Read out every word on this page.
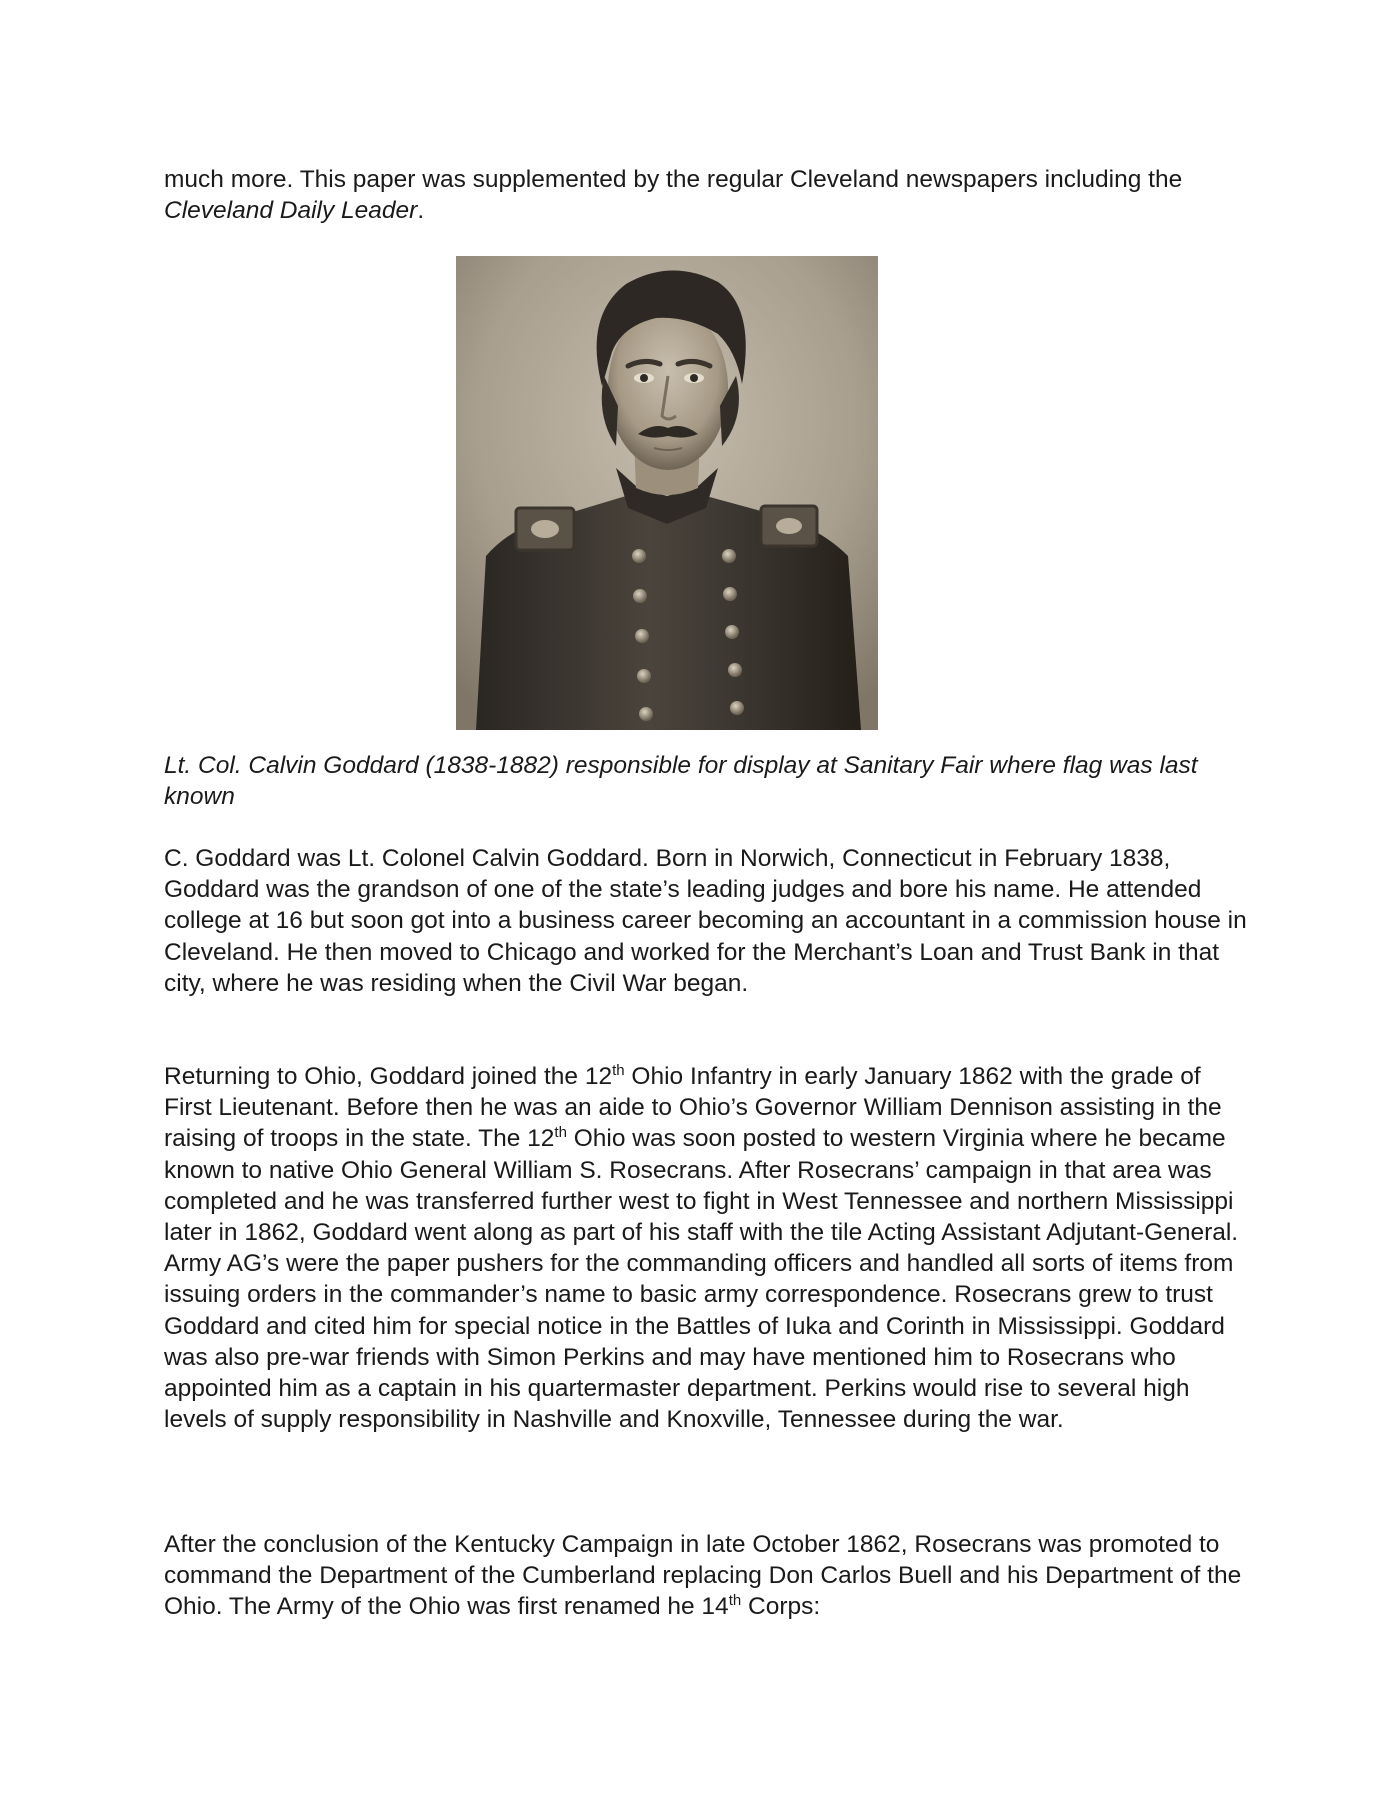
much more. This paper was supplemented by the regular Cleveland newspapers including the Cleveland Daily Leader.

Lt. Col. Calvin Goddard (1838-1882) responsible for display at Sanitary Fair where flag was last known

C. Goddard was Lt. Colonel Calvin Goddard. Born in Norwich, Connecticut in February 1838, Goddard was the grandson of one of the state’s leading judges and bore his name. He attended college at 16 but soon got into a business career becoming an accountant in a commission house in Cleveland. He then moved to Chicago and worked for the Merchant’s Loan and Trust Bank in that city, where he was residing when the Civil War began.

Returning to Ohio, Goddard joined the 12th Ohio Infantry in early January 1862 with the grade of First Lieutenant. Before then he was an aide to Ohio’s Governor William Dennison assisting in the raising of troops in the state. The 12th Ohio was soon posted to western Virginia where he became known to native Ohio General William S. Rosecrans. After Rosecrans’ campaign in that area was completed and he was transferred further west to fight in West Tennessee and northern Mississippi later in 1862, Goddard went along as part of his staff with the tile Acting Assistant Adjutant-General. Army AG’s were the paper pushers for the commanding officers and handled all sorts of items from issuing orders in the commander’s name to basic army correspondence. Rosecrans grew to trust Goddard and cited him for special notice in the Battles of Iuka and Corinth in Mississippi. Goddard was also pre-war friends with Simon Perkins and may have mentioned him to Rosecrans who appointed him as a captain in his quartermaster department. Perkins would rise to several high levels of supply responsibility in Nashville and Knoxville, Tennessee during the war.

After the conclusion of the Kentucky Campaign in late October 1862, Rosecrans was promoted to command the Department of the Cumberland replacing Don Carlos Buell and his Department of the Ohio. The Army of the Ohio was first renamed he 14th Corps:
